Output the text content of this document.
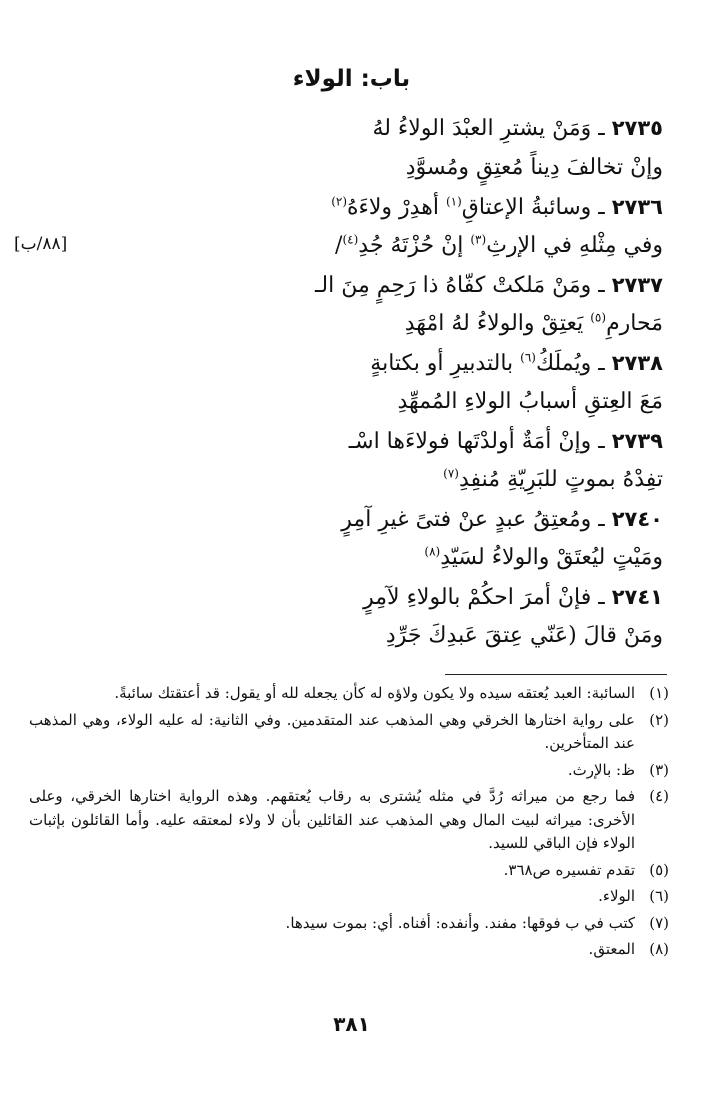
باب: الولاء
٢٧٣٥ ـ وَمَنْ يشترِ العبْدَ الولاءُ لهُ
وإنْ تخالفَ دِيناً مُعتِقٍ ومُسوَّدِ
٢٧٣٦ ـ وسائبةُ الإعتاقِ$^{(١)}$ أهدِرْ ولاءَهُ$^{(٢)}$
وفي مِثْلهِ في الإرثِ$^{(٣)}$ إنْ حُزْتَهُ جُدِ$^{(٤)}$/
[٨٨/ب]
٢٧٣٧ ـ ومَنْ مَلكتْ كفّاهُ ذا رَحِمٍ مِنَ الـ
مَحارمِ$^{(٥)}$ يَعتِقْ والولاءُ لهُ امْهَدِ
٢٧٣٨ ـ ويُملَكُ$^{(٦)}$ بالتدبيرِ أو بكتابةٍ
مَعَ العِتقِ أسبابُ الولاءِ المُمهِّدِ
٢٧٣٩ ـ وإنْ أمَةٌ أولدْتَها فولاءَها اسْـ
تفِدْهُ بموتٍ للبَرِيّةِ مُنفِدِ$^{(٧)}$
٢٧٤٠ ـ ومُعتِقُ عبدٍ عنْ فتىً غيرِ آمِرٍ
ومَيْتٍ ليُعتَقْ والولاءُ لسَيّدِ$^{(٨)}$
٢٧٤١ ـ فإنْ أمرَ احكُمْ بالولاءِ لآمِرٍ
ومَنْ قالَ (عَنّي عِتقَ عَبدِكَ جَرِّدِ
(١)
السائبة: العبد يُعتقه سيده ولا يكون ولاؤه له كأن يجعله لله أو يقول: قد أعتقتك سائبةً.
(٢)
على رواية اختارها الخرقي وهي المذهب عند المتقدمين. وفي الثانية: له عليه الولاء، وهي المذهب عند المتأخرين.
(٣)
ظ: بالإرث.
(٤)
فما رجع من ميراثه رُدَّ في مثله يُشترى به رقاب يُعتقهم. وهذه الرواية اختارها الخرقي، وعلى الأخرى: ميراثه لبيت المال وهي المذهب عند القائلين بأن لا ولاء لمعتقه عليه. وأما القائلون بإثبات الولاء فإن الباقي للسيد.
(٥)
تقدم تفسيره ص٣٦٨.
(٦)
الولاء.
(٧)
كتب في ب فوقها: مفند. وأنفده: أفناه. أي: بموت سيدها.
(٨)
المعتق.
٣٨١
